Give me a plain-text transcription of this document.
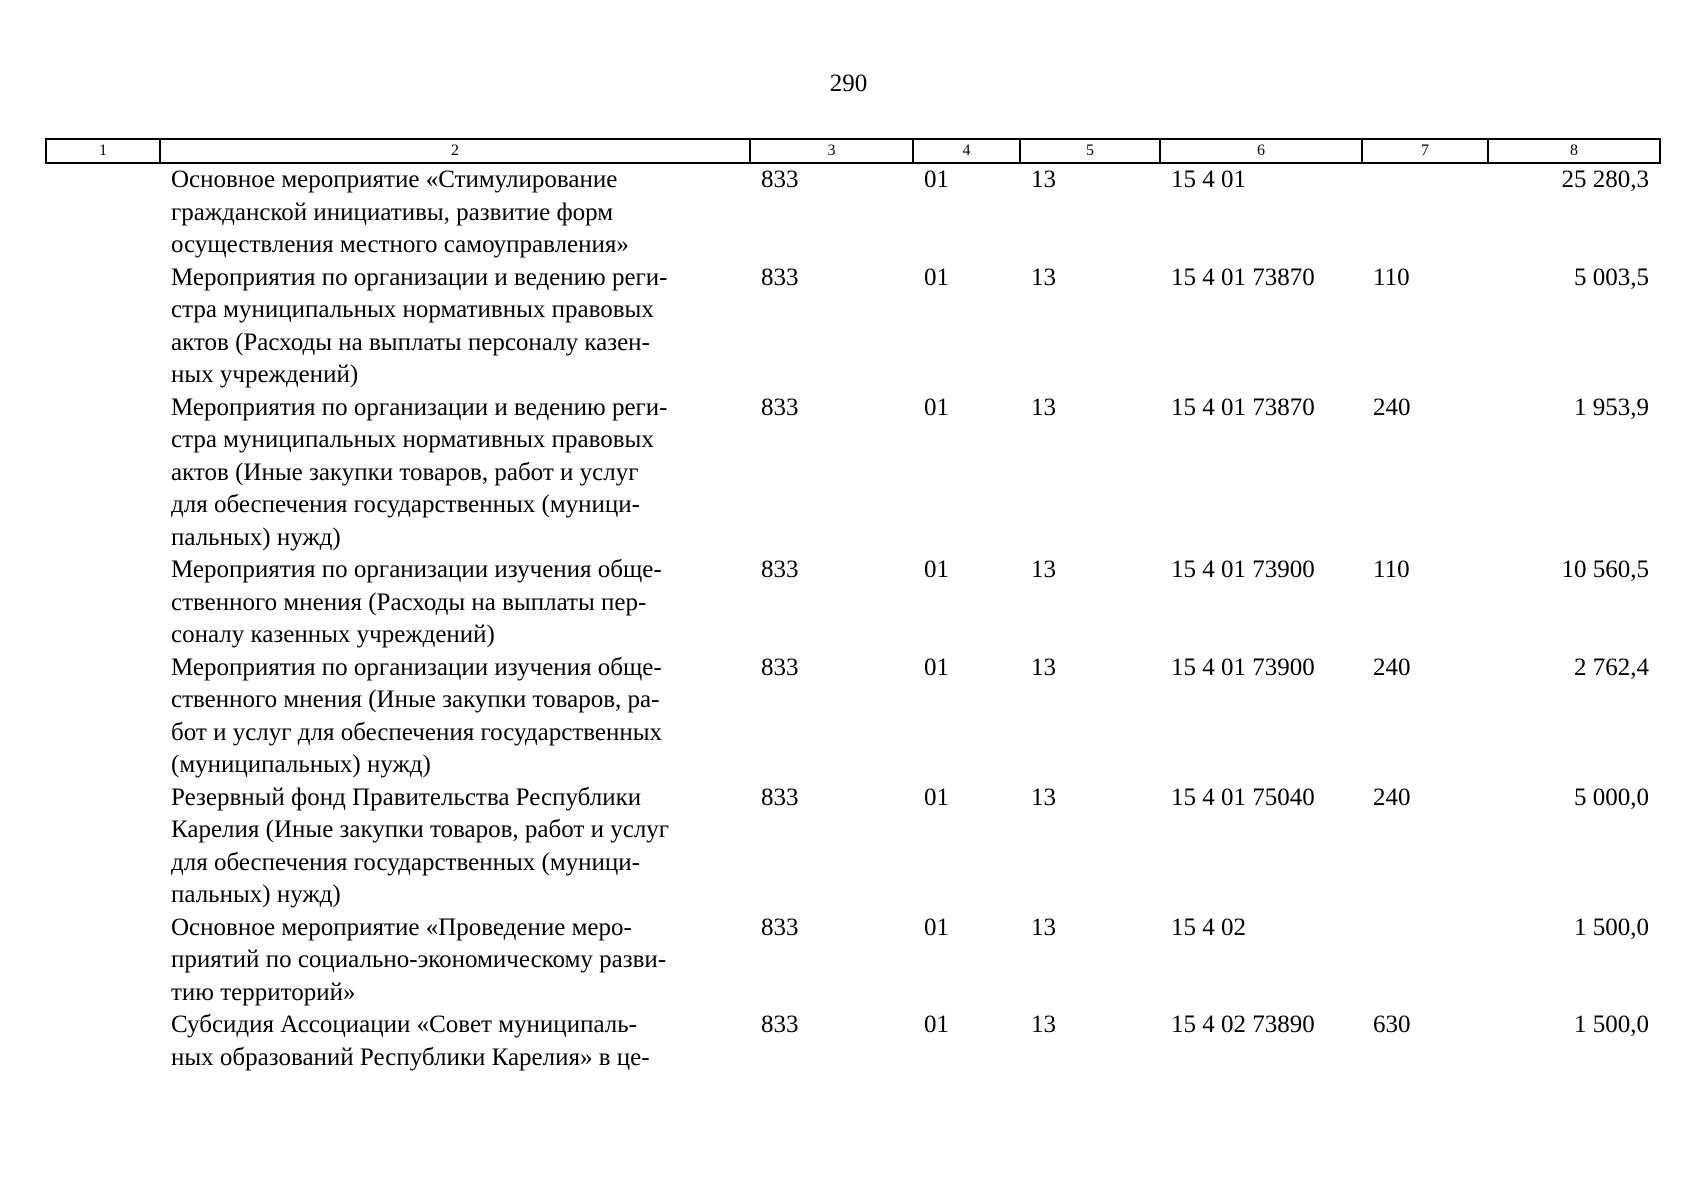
290
1	2	3	4	5	6	7	8

	Основное мероприятие «Стимулирование
гражданской инициативы, развитие форм
осуществления местного самоуправления»	833	01	13	15 4 01		25 280,3

	Мероприятия по организации и ведению реги-
стра муниципальных нормативных правовых
актов (Расходы на выплаты персоналу казен-
ных учреждений)	833	01	13	15 4 01 73870	110	5 003,5

	Мероприятия по организации и ведению реги-
стра муниципальных нормативных правовых
актов (Иные закупки товаров, работ и услуг
для обеспечения государственных (муници-
пальных) нужд)	833	01	13	15 4 01 73870	240	1 953,9

	Мероприятия по организации изучения обще-
ственного мнения (Расходы на выплаты пер-
соналу казенных учреждений)	833	01	13	15 4 01 73900	110	10 560,5

	Мероприятия по организации изучения обще-
ственного мнения (Иные закупки товаров, ра-
бот и услуг для обеспечения государственных
(муниципальных) нужд)	833	01	13	15 4 01 73900	240	2 762,4

	Резервный фонд Правительства Республики
Карелия (Иные закупки товаров, работ и услуг
для обеспечения государственных (муници-
пальных) нужд)	833	01	13	15 4 01 75040	240	5 000,0

	Основное мероприятие «Проведение меро-
приятий по социально-экономическому разви-
тию территорий»	833	01	13	15 4 02		1 500,0

	Субсидия Ассоциации «Совет муниципаль-
ных образований Республики Карелия» в це-	833	01	13	15 4 02 73890	630	1 500,0
